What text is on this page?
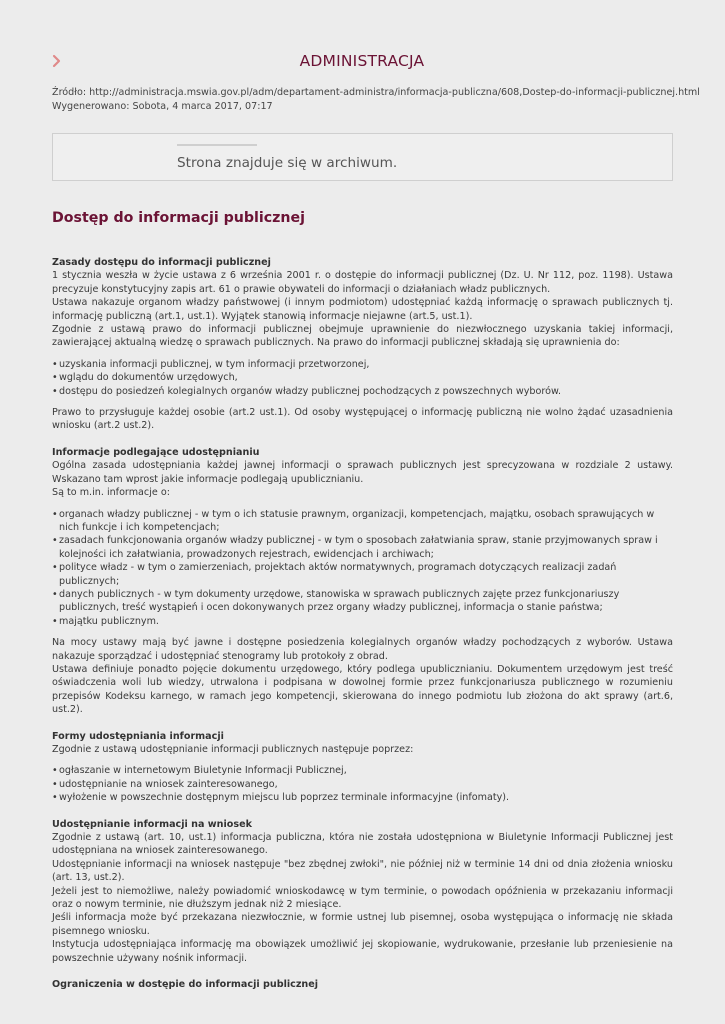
ADMINISTRACJA
Źródło: http://administracja.mswia.gov.pl/adm/departament-administra/informacja-publiczna/608,Dostep-do-informacji-publicznej.html
Wygenerowano: Sobota, 4 marca 2017, 07:17
Strona znajduje się w archiwum.
Dostęp do informacji publicznej
Zasady dostępu do informacji publicznej

1 stycznia weszła w życie ustawa z 6 września 2001 r. o dostępie do informacji publicznej (Dz. U. Nr 112, poz. 1198). Ustawa precyzuje konstytucyjny zapis art. 61 o prawie obywateli do informacji o działaniach władz publicznych.

Ustawa nakazuje organom władzy państwowej (i innym podmiotom) udostępniać każdą informację o sprawach publicznych tj. informację publiczną (art.1, ust.1). Wyjątek stanowią informacje niejawne (art.5, ust.1).

Zgodnie z ustawą prawo do informacji publicznej obejmuje uprawnienie do niezwłocznego uzyskania takiej informacji, zawierającej aktualną wiedzę o sprawach publicznych. Na prawo do informacji publicznej składają się uprawnienia do:

• uzyskania informacji publicznej, w tym informacji przetworzonej,
• wglądu do dokumentów urzędowych,
• dostępu do posiedzeń kolegialnych organów władzy publicznej pochodzących z powszechnych wyborów.

Prawo to przysługuje każdej osobie (art.2 ust.1). Od osoby występującej o informację publiczną nie wolno żądać uzasadnienia wniosku (art.2 ust.2).

Informacje podlegające udostępnianiu

Ogólna zasada udostępniania każdej jawnej informacji o sprawach publicznych jest sprecyzowana w rozdziale 2 ustawy. Wskazano tam wprost jakie informacje podlegają upublicznianiu.

Są to m.in. informacje o:

• organach władzy publicznej - w tym o ich statusie prawnym, organizacji, kompetencjach, majątku, osobach sprawujących w nich funkcje i ich kompetencjach;
• zasadach funkcjonowania organów władzy publicznej - w tym o sposobach załatwiania spraw, stanie przyjmowanych spraw i kolejności ich załatwiania, prowadzonych rejestrach, ewidencjach i archiwach;
• polityce władz - w tym o zamierzeniach, projektach aktów normatywnych, programach dotyczących realizacji zadań publicznych;
• danych publicznych - w tym dokumenty urzędowe, stanowiska w sprawach publicznych zajęte przez funkcjonariuszy publicznych, treść wystąpień i ocen dokonywanych przez organy władzy publicznej, informacja o stanie państwa;
• majątku publicznym.

Na mocy ustawy mają być jawne i dostępne posiedzenia kolegialnych organów władzy pochodzących z wyborów. Ustawa nakazuje sporządzać i udostępniać stenogramy lub protokoły z obrad.

Ustawa definiuje ponadto pojęcie dokumentu urzędowego, który podlega upublicznianiu. Dokumentem urzędowym jest treść oświadczenia woli lub wiedzy, utrwalona i podpisana w dowolnej formie przez funkcjonariusza publicznego w rozumieniu przepisów Kodeksu karnego, w ramach jego kompetencji, skierowana do innego podmiotu lub złożona do akt sprawy (art.6, ust.2).

Formy udostępniania informacji

Zgodnie z ustawą udostępnianie informacji publicznych następuje poprzez:

• ogłaszanie w internetowym Biuletynie Informacji Publicznej,
• udostępnianie na wniosek zainteresowanego,
• wyłożenie w powszechnie dostępnym miejscu lub poprzez terminale informacyjne (infomaty).
Udostępnianie informacji na wniosek

Zgodnie z ustawą (art. 10, ust.1) informacja publiczna, która nie została udostępniona w Biuletynie Informacji Publicznej jest udostępniana na wniosek zainteresowanego.

Udostępnianie informacji na wniosek następuje "bez zbędnej zwłoki", nie później niż w terminie 14 dni od dnia złożenia wniosku (art. 13, ust.2).

Jeżeli jest to niemożliwe, należy powiadomić wnioskodawcę w tym terminie, o powodach opóźnienia w przekazaniu informacji oraz o nowym terminie, nie dłuższym jednak niż 2 miesiące.

Jeśli informacja może być przekazana niezwłocznie, w formie ustnej lub pisemnej, osoba występująca o informację nie składa pisemnego wniosku.

Instytucja udostępniająca informację ma obowiązek umożliwić jej skopiowanie, wydrukowanie, przesłanie lub przeniesienie na powszechnie używany nośnik informacji.

Ograniczenia w dostępie do informacji publicznej
